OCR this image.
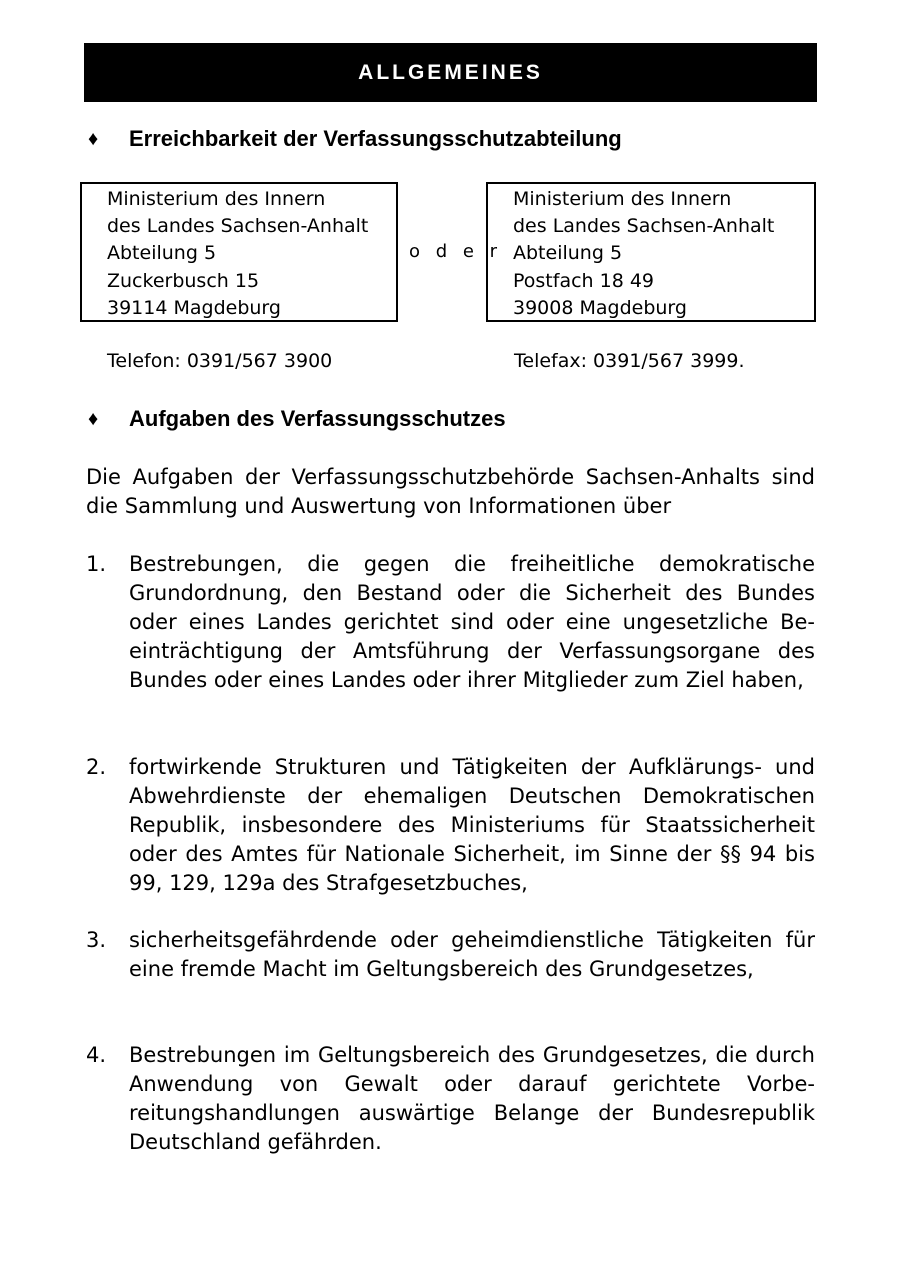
ALLGEMEINES
♦	Erreichbarkeit der Verfassungsschutzabteilung
Ministerium des Innern
des Landes Sachsen-Anhalt
Abteilung 5
Zuckerbusch 15
39114 Magdeburg
o d e r
Ministerium des Innern
des Landes Sachsen-Anhalt
Abteilung 5
Postfach 18 49
39008 Magdeburg
Telefon: 0391/567 3900	Telefax: 0391/567 3999.
♦	Aufgaben des Verfassungsschutzes
Die Aufgaben der Verfassungsschutzbehörde Sachsen-Anhalts sind die Sammlung und Auswertung von Informationen über
1. Bestrebungen, die gegen die freiheitliche demokratische Grundordnung, den Bestand oder die Sicherheit des Bundes oder eines Landes gerichtet sind oder eine ungesetzliche Beeinträchtigung der Amtsführung der Verfassungsorgane des Bundes oder eines Landes oder ihrer Mitglieder zum Ziel haben,
2. fortwirkende Strukturen und Tätigkeiten der Aufklärungs- und Abwehrdienste der ehemaligen Deutschen Demokratischen Republik, insbesondere des Ministeriums für Staatssicherheit oder des Amtes für Nationale Sicherheit, im Sinne der §§ 94 bis 99, 129, 129a des Strafgesetzbuches,
3. sicherheitsgefährdende oder geheimdienstliche Tätigkeiten für eine fremde Macht im Geltungsbereich des Grundgesetzes,
4. Bestrebungen im Geltungsbereich des Grundgesetzes, die durch Anwendung von Gewalt oder darauf gerichtete Vorbereitungshandlungen auswärtige Belange der Bundesrepublik Deutschland gefährden.
